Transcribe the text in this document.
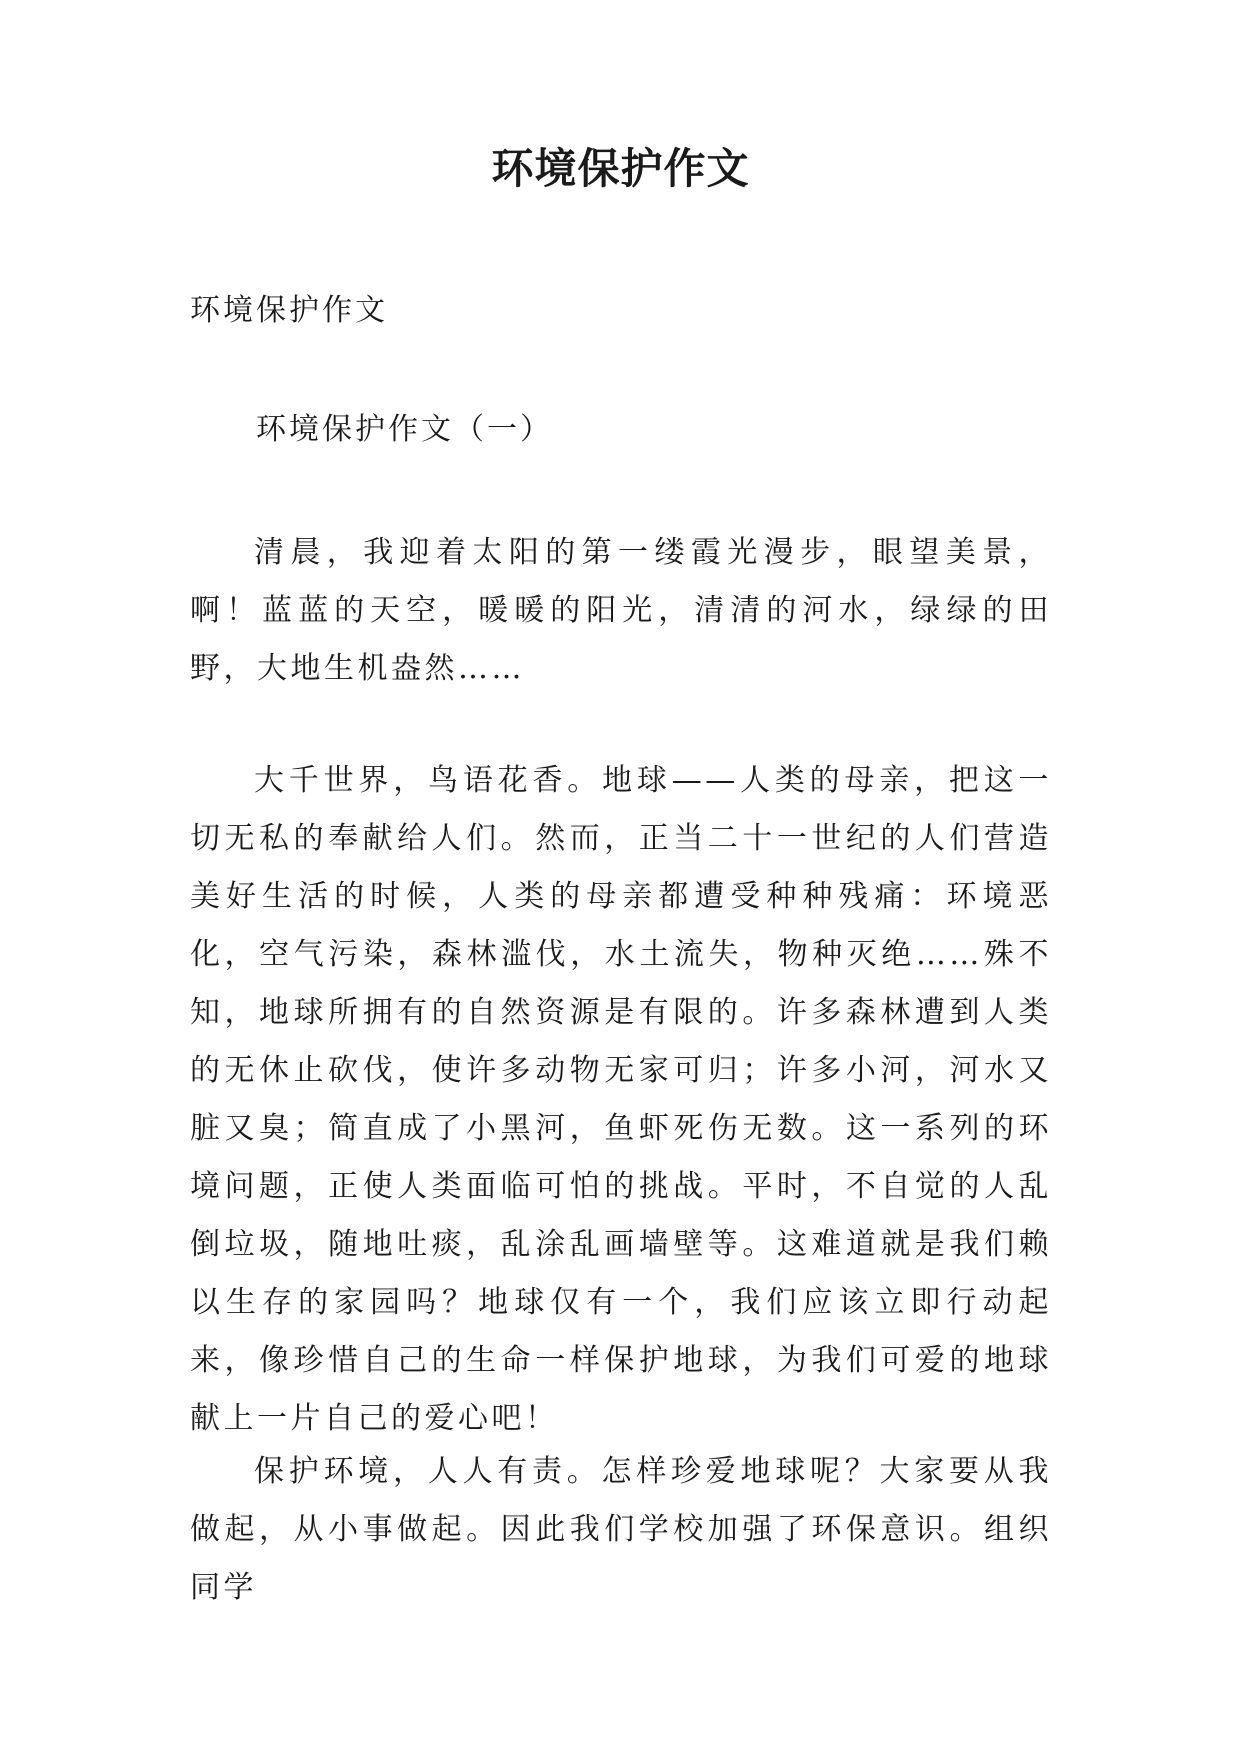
环境保护作文
环境保护作文
环境保护作文（一）

清晨，我迎着太阳的第一缕霞光漫步，眼望美景，啊！蓝蓝的天空，暖暖的阳光，清清的河水，绿绿的田野，大地生机盎然……

大千世界，鸟语花香。地球——人类的母亲，把这一切无私的奉献给人们。然而，正当二十一世纪的人们营造美好生活的时候，人类的母亲都遭受种种残痛：环境恶化，空气污染，森林滥伐，水土流失，物种灭绝……殊不知，地球所拥有的自然资源是有限的。许多森林遭到人类的无休止砍伐，使许多动物无家可归；许多小河，河水又脏又臭；简直成了小黑河，鱼虾死伤无数。这一系列的环境问题，正使人类面临可怕的挑战。平时，不自觉的人乱倒垃圾，随地吐痰，乱涂乱画墙壁等。这难道就是我们赖以生存的家园吗？地球仅有一个，我们应该立即行动起来，像珍惜自己的生命一样保护地球，为我们可爱的地球献上一片自己的爱心吧！

保护环境，人人有责。怎样珍爱地球呢？大家要从我做起，从小事做起。因此我们学校加强了环保意识。组织同学
